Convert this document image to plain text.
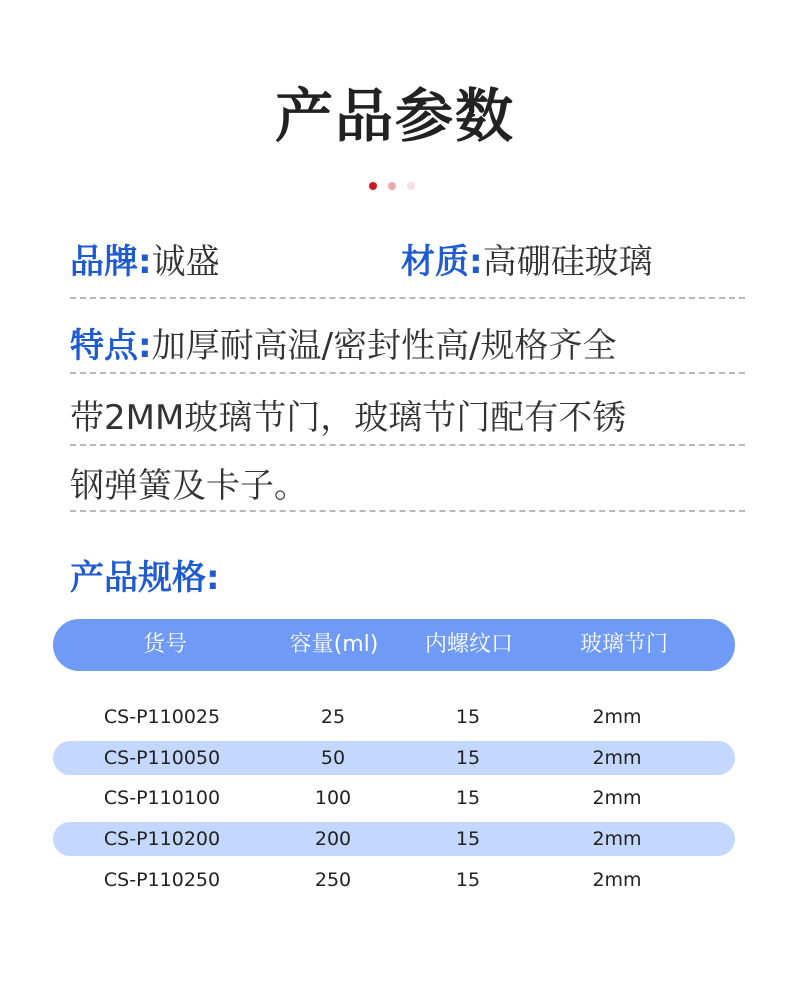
产品参数
品牌:诚盛	材质:高硼硅玻璃
特点:加厚耐高温/密封性高/规格齐全
带2MM玻璃节门，玻璃节门配有不锈
钢弹簧及卡子。
产品规格:
货号	容量(ml) 内螺纹口	玻璃节门
CS-P110025	25	15	2mm
CS-P110050	50	15	2mm
CS-P110100	100	15	2mm
CS-P110200	200	15	2mm
CS-P110250	250	15	2mm
